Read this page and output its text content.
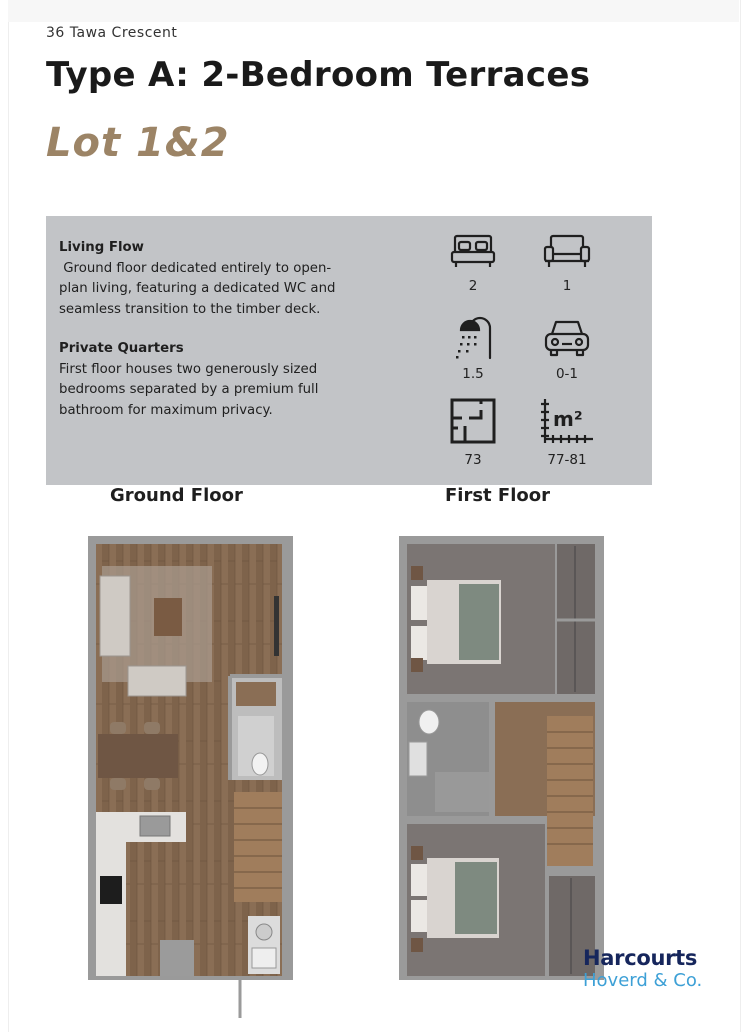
36 Tawa Crescent
Type A: 2-Bedroom Terraces
Lot 1&2

Living Flow

Ground floor dedicated entirely to open-plan living, featuring a dedicated WC and seamless transition to the timber deck.

Private Quarters

First floor houses two generously sized bedrooms separated by a premium full bathroom for maximum privacy.

2	1
1.5	0-1
73
m²
77-81
Ground Floor	First Floor
Harcourts
Hoverd & Co.
